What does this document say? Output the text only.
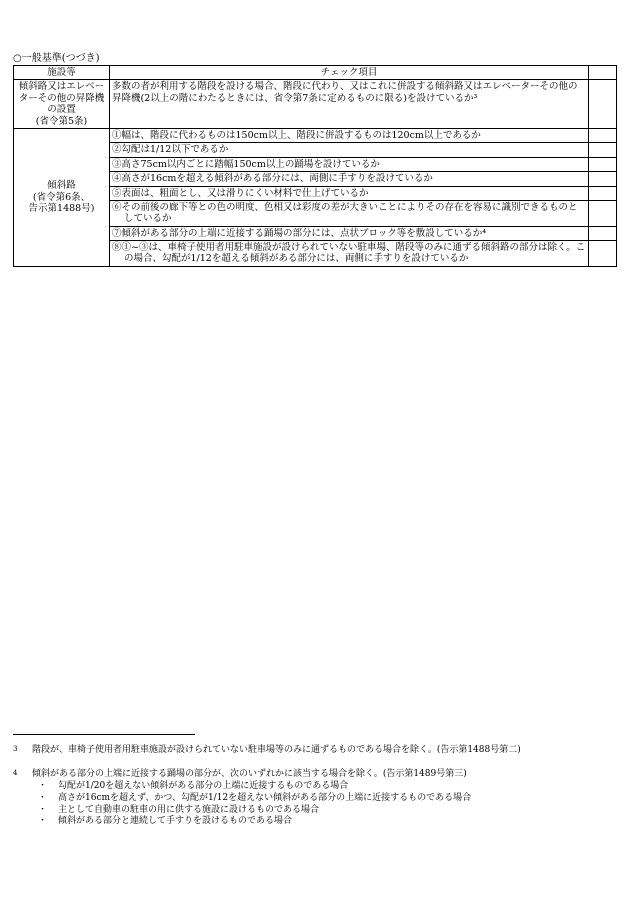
○一般基準(つづき)
施設等	チェック項目	
傾斜路又はエレベーターその他の昇降機の設置
(省令第5条)	多数の者が利用する階段を設ける場合、階段に代わり、又はこれに併設する傾斜路又はエレベーターその他の昇降機(2以上の階にわたるときには、省令第7条に定めるものに限る)を設けているか³	
傾斜路
(省令第6条、
告示第1488号)	①幅は、階段に代わるものは150cm以上、階段に併設するものは120cm以上であるか	
	②勾配は1/12以下であるか	
	③高さ75cm以内ごとに踏幅150cm以上の踊場を設けているか	
	④高さが16cmを超える傾斜がある部分には、両側に手すりを設けているか	
	⑤表面は、粗面とし、又は滑りにくい材料で仕上げているか	
	⑥その前後の廊下等との色の明度、色相又は彩度の差が大きいことによりその存在を容易に識別できるものとしているか	
	⑦傾斜がある部分の上端に近接する踊場の部分には、点状ブロック等を敷設しているか⁴	
	⑧①~③は、車椅子使用者用駐車施設が設けられていない駐車場、階段等のみに通ずる傾斜路の部分は除く。この場合、勾配が1/12を超える傾斜がある部分には、両側に手すりを設けているか	
3 階段が、車椅子使用者用駐車施設が設けられていない駐車場等のみに通ずるものである場合を除く。(告示第1488号第二)
4 傾斜がある部分の上端に近接する踊場の部分が、次のいずれかに該当する場合を除く。(告示第1489号第三)
・ 勾配が1/20を超えない傾斜がある部分の上端に近接するものである場合
・ 高さが16cmを超えず、かつ、勾配が1/12を超えない傾斜がある部分の上端に近接するものである場合
・ 主として自動車の駐車の用に供する施設に設けるものである場合
・ 傾斜がある部分と連続して手すりを設けるものである場合
